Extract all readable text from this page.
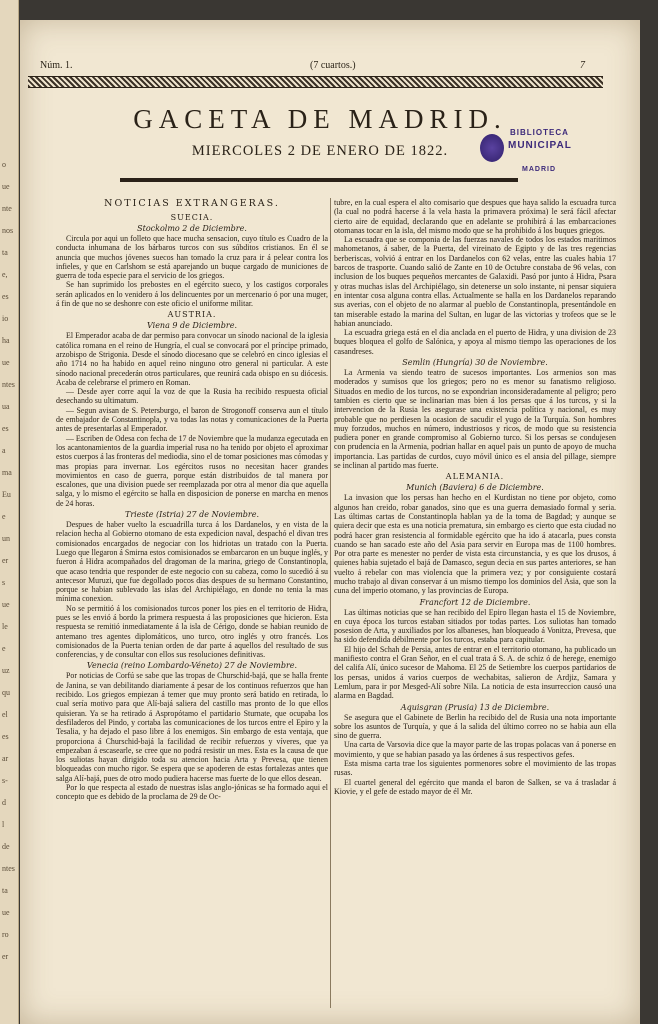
o
ue
nte
nos
ta
e,
es
io
ha
ue
ntes
ua
es
a
ma
Eu
e
un
er
s
ue
le
e
uz
qu
el
es
ar
s-
d
l
de
ntes
ta
ue
ro
er
Núm. 1.	(7 cuartos.)	7
GACETA DE MADRID.
MIERCOLES 2 DE ENERO DE 1822.
BIBLIOTECA
MUNICIPAL
MADRID
NOTICIAS EXTRANGERAS.
SUECIA.
Stockolmo 2 de Diciembre.

Circula por aqui un folleto que hace mucha sensacion, cuyo título es Cuadro de la conducta inhumana de los bárbaros turcos con sus súbditos cristianos. En él se anuncia que muchos jóvenes suecos han tomado la cruz para ir á pelear contra los infieles, y que en Carlshom se está aparejando un buque cargado de municiones de guerra de toda especie para el servicio de los griegos.

Se han suprimido los prebostes en el egército sueco, y los castigos corporales serán aplicados en lo venidero á los delincuentes por un mercenario ó por una muger, á fin de que no se deshonre con este oficio el uniforme militar.

AUSTRIA.
Viena 9 de Diciembre.

El Emperador acaba de dar permiso para convocar un sínodo nacional de la iglesia católica romana en el reino de Hungría, el cual se convocará por el príncipe primado, arzobispo de Strigonia. Desde el sínodo diocesano que se celebró en cinco iglesias el año 1714 no ha habido en aquel reino ninguno otro general ni particular. A este sínodo nacional precederán otros particulares, que reunirá cada obispo en su diócesis. Acaba de celebrarse el primero en Roman.

— Desde ayer corre aquí la voz de que la Rusia ha recibido respuesta oficial desechando su ultimatum.

— Segun avisan de S. Petersburgo, el baron de Strogonoff conserva aun el título de embajador de Constantinopla, y va todas las notas y comunicaciones de la Puerta antes de presentarlas al Emperador.

— Escriben de Odesa con fecha de 17 de Noviembre que la mudanza egecutada en los acantonamientos de la guardia imperial rusa no ha tenido por objeto el aproximar estos cuerpos á las fronteras del mediodia, sino el de tomar posiciones mas cómodas y mas propias para invernar. Los egércitos rusos no necesitan hacer grandes movimientos en caso de guerra, porque están distribuidos de tal manera por escalones, que una division puede ser reemplazada por otra al menor dia que aquella salga, y lo mismo el egército se halla en disposicion de ponerse en marcha en menos de 24 horas.

Trieste (Istria) 27 de Noviembre.

Despues de haber vuelto la escuadrilla turca á los Dardanelos, y en vista de la relacion hecha al Gobierno otomano de esta expedicion naval, despachó el divan tres comisionados encargados de negociar con los hidriotas un tratado con la Puerta. Luego que llegaron á Smirna estos comisionados se embarcaron en un buque inglés, y fueron á Hidra acompañados del dragoman de la marina, griego de Constantinopla, que acaso tendria que responder de este negocio con su cabeza, como lo sucedió á su antecesor Muruzi, que fue degollado pocos dias despues de su hermano Constantino, porque se habian sublevado las islas del Archipiélago, en donde no tenia la mas mínima conexion.

No se permitió á los comisionados turcos poner los pies en el territorio de Hidra, pues se les envió á bordo la primera respuesta á las proposiciones que hicieron. Esta respuesta se remitió inmediatamente á la isla de Cérigo, donde se habian reunido de antemano tres agentes diplomáticos, uno turco, otro inglés y otro francés. Los comisionados de la Puerta tenian orden de dar parte á aquellos del resultado de sus conferencias, y de consultar con ellos sus resoluciones definitivas.

Venecia (reino Lombardo-Véneto) 27 de Noviembre.

Por noticias de Corfú se sabe que las tropas de Churschid-bajá, que se halla frente de Janina, se van debilitando diariamente á pesar de los continuos refuerzos que han recibido. Los griegos empiezan á temer que muy pronto será batido en retirada, lo cual sería motivo para que Alí-bajá saliera del castillo mas pronto de lo que ellos quisieran. Ya se ha retirado á Aspropótamo el partidario Sturnate, que ocupaba los desfiladeros del Pindo, y cortaba las comunicaciones de los turcos entre el Epiro y la Tesalia, y ha dejado el paso libre á los enemigos. Sin embargo de esta ventaja, que proporciona á Churschid-bajá la facilidad de recibir refuerzos y víveres, que ya empezaban á escasearle, se cree que no podrá resistir un mes. Esta es la causa de que los suliotas hayan dirigido toda su atencion hacia Arta y Prevesa, que tienen bloqueadas con mucho rigor. Se espera que se apoderen de estas fortalezas antes que salga Alí-bajá, pues de otro modo pudiera hacerse mas fuerte de lo que ellos desean.

Por lo que respecta al estado de nuestras islas anglo-jónicas se ha formado aqui el concepto que es debido de la proclama de 29 de Oc-

tubre, en la cual espera el alto comisario que despues que haya salido la escuadra turca (la cual no podrá hacerse á la vela hasta la primavera próxima) le será fácil afectar cierto aire de equidad, declarando que en adelante se prohibirá á las embarcaciones otomanas tocar en la isla, del mismo modo que se ha prohibido á los buques griegos.

La escuadra que se componia de las fuerzas navales de todos los estados marítimos mahometanos, á saber, de la Puerta, del vireinato de Egipto y de las tres regencias berberiscas, volvió á entrar en los Dardanelos con 62 velas, entre las cuales habia 17 barcos de trasporte. Cuando salió de Zante en 10 de Octubre constaba de 96 velas, con inclusion de los buques pequeños mercantes de Galaxidi. Pasó por junto á Hidra, Psara y otras muchas islas del Archipiélago, sin detenerse un solo instante, ni pensar siquiera en intentar cosa alguna contra ellas. Actualmente se halla en los Dardanelos reparando sus averias, con el objeto de no alarmar al pueblo de Constantinopla, presentándole en tan miserable estado la marina del Sultan, en lugar de las victorias y trofeos que se le habian anunciado.

La escuadra griega está en el dia anclada en el puerto de Hidra, y una division de 23 buques bloquea el golfo de Salónica, y apoya al mismo tiempo las operaciones de los casandreses.

Semlin (Hungría) 30 de Noviembre.

La Armenia va siendo teatro de sucesos importantes. Los armenios son mas moderados y sumisos que los griegos; pero no es menor su fanatismo religioso. Situados en medio de los turcos, no se expondrian inconsideradamente al peligro; pero tambien es cierto que se inclinarian mas bien á los persas que á los turcos, y si la intervencion de la Rusia les asegurase una existencia política y nacional, es muy probable que no perdiesen la ocasion de sacudir el yugo de la Turquía. Son hombres muy forzudos, muchos en número, industriosos y ricos, de modo que su resistencia pudiera poner en grande compromiso al Gobierno turco. Si los persas se condujesen con prudencia en la Armenia, podrian hallar en aquel pais un punto de apoyo de mucha importancia. Las partidas de curdos, cuyo móvil único es el ansia del pillage, siempre se inclinan al partido mas fuerte.

ALEMANIA.
Munich (Baviera) 6 de Diciembre.

La invasion que los persas han hecho en el Kurdistan no tiene por objeto, como algunos han creido, robar ganados, sino que es una guerra demasiado formal y seria. Las últimas cartas de Constantinopla hablan ya de la toma de Bagdad; y aunque se quiera decir que esta es una noticia prematura, sin embargo es cierto que esta ciudad no podrá hacer gran resistencia al formidable egército que ha ido á atacarla, pues consta cuando se han sacado este año del Asia para servir en Europa mas de 1100 hombres. Por otra parte es menester no perder de vista esta circunstancia, y es que los drusos, á quienes habia sujetado el bajá de Damasco, segun decia en sus partes anteriores, se han vuelto á rebelar con mas violencia que la primera vez; y por consiguiente costará mucho trabajo al divan conservar á un mismo tiempo los dominios del Asia, que son la cuna del imperio otomano, y las provincias de Europa.

Francfort 12 de Diciembre.

Las últimas noticias que se han recibido del Epiro llegan hasta el 15 de Noviembre, en cuya época los turcos estaban sitiados por todas partes. Los suliotas han tomado posesion de Arta, y auxiliados por los albaneses, han bloqueado á Vonitza, Prevesa, que ha sido defendida débilmente por los turcos, estaba para capitular.

El hijo del Schah de Persia, antes de entrar en el territorio otomano, ha publicado un manifiesto contra el Gran Señor, en el cual trata á S. A. de schiz ó de herege, enemigo del califa Alí, único sucesor de Mahoma. El 25 de Setiembre los cuerpos partidarios de los persas, unidos á varios cuerpos de wechabitas, salieron de Ardjiz, Samara y Lemlum, para ir por Mesged-Alí sobre Nila. La noticia de esta insurreccion causó una alarma en Bagdad.

Aquisgran (Prusia) 13 de Diciembre.

Se asegura que el Gabinete de Berlin ha recibido del de Rusia una nota importante sobre los asuntos de Turquía, y que á la salida del último correo no se habia aun ella sino de guerra.

Una carta de Varsovia dice que la mayor parte de las tropas polacas van á ponerse en movimiento, y que se habian pasado ya las órdenes á sus respectivos gefes.

Esta misma carta trae los siguientes pormenores sobre el movimiento de las tropas rusas.

El cuartel general del egército que manda el baron de Salken, se va á trasladar á Kiovie, y el gefe de estado mayor de él Mr.
